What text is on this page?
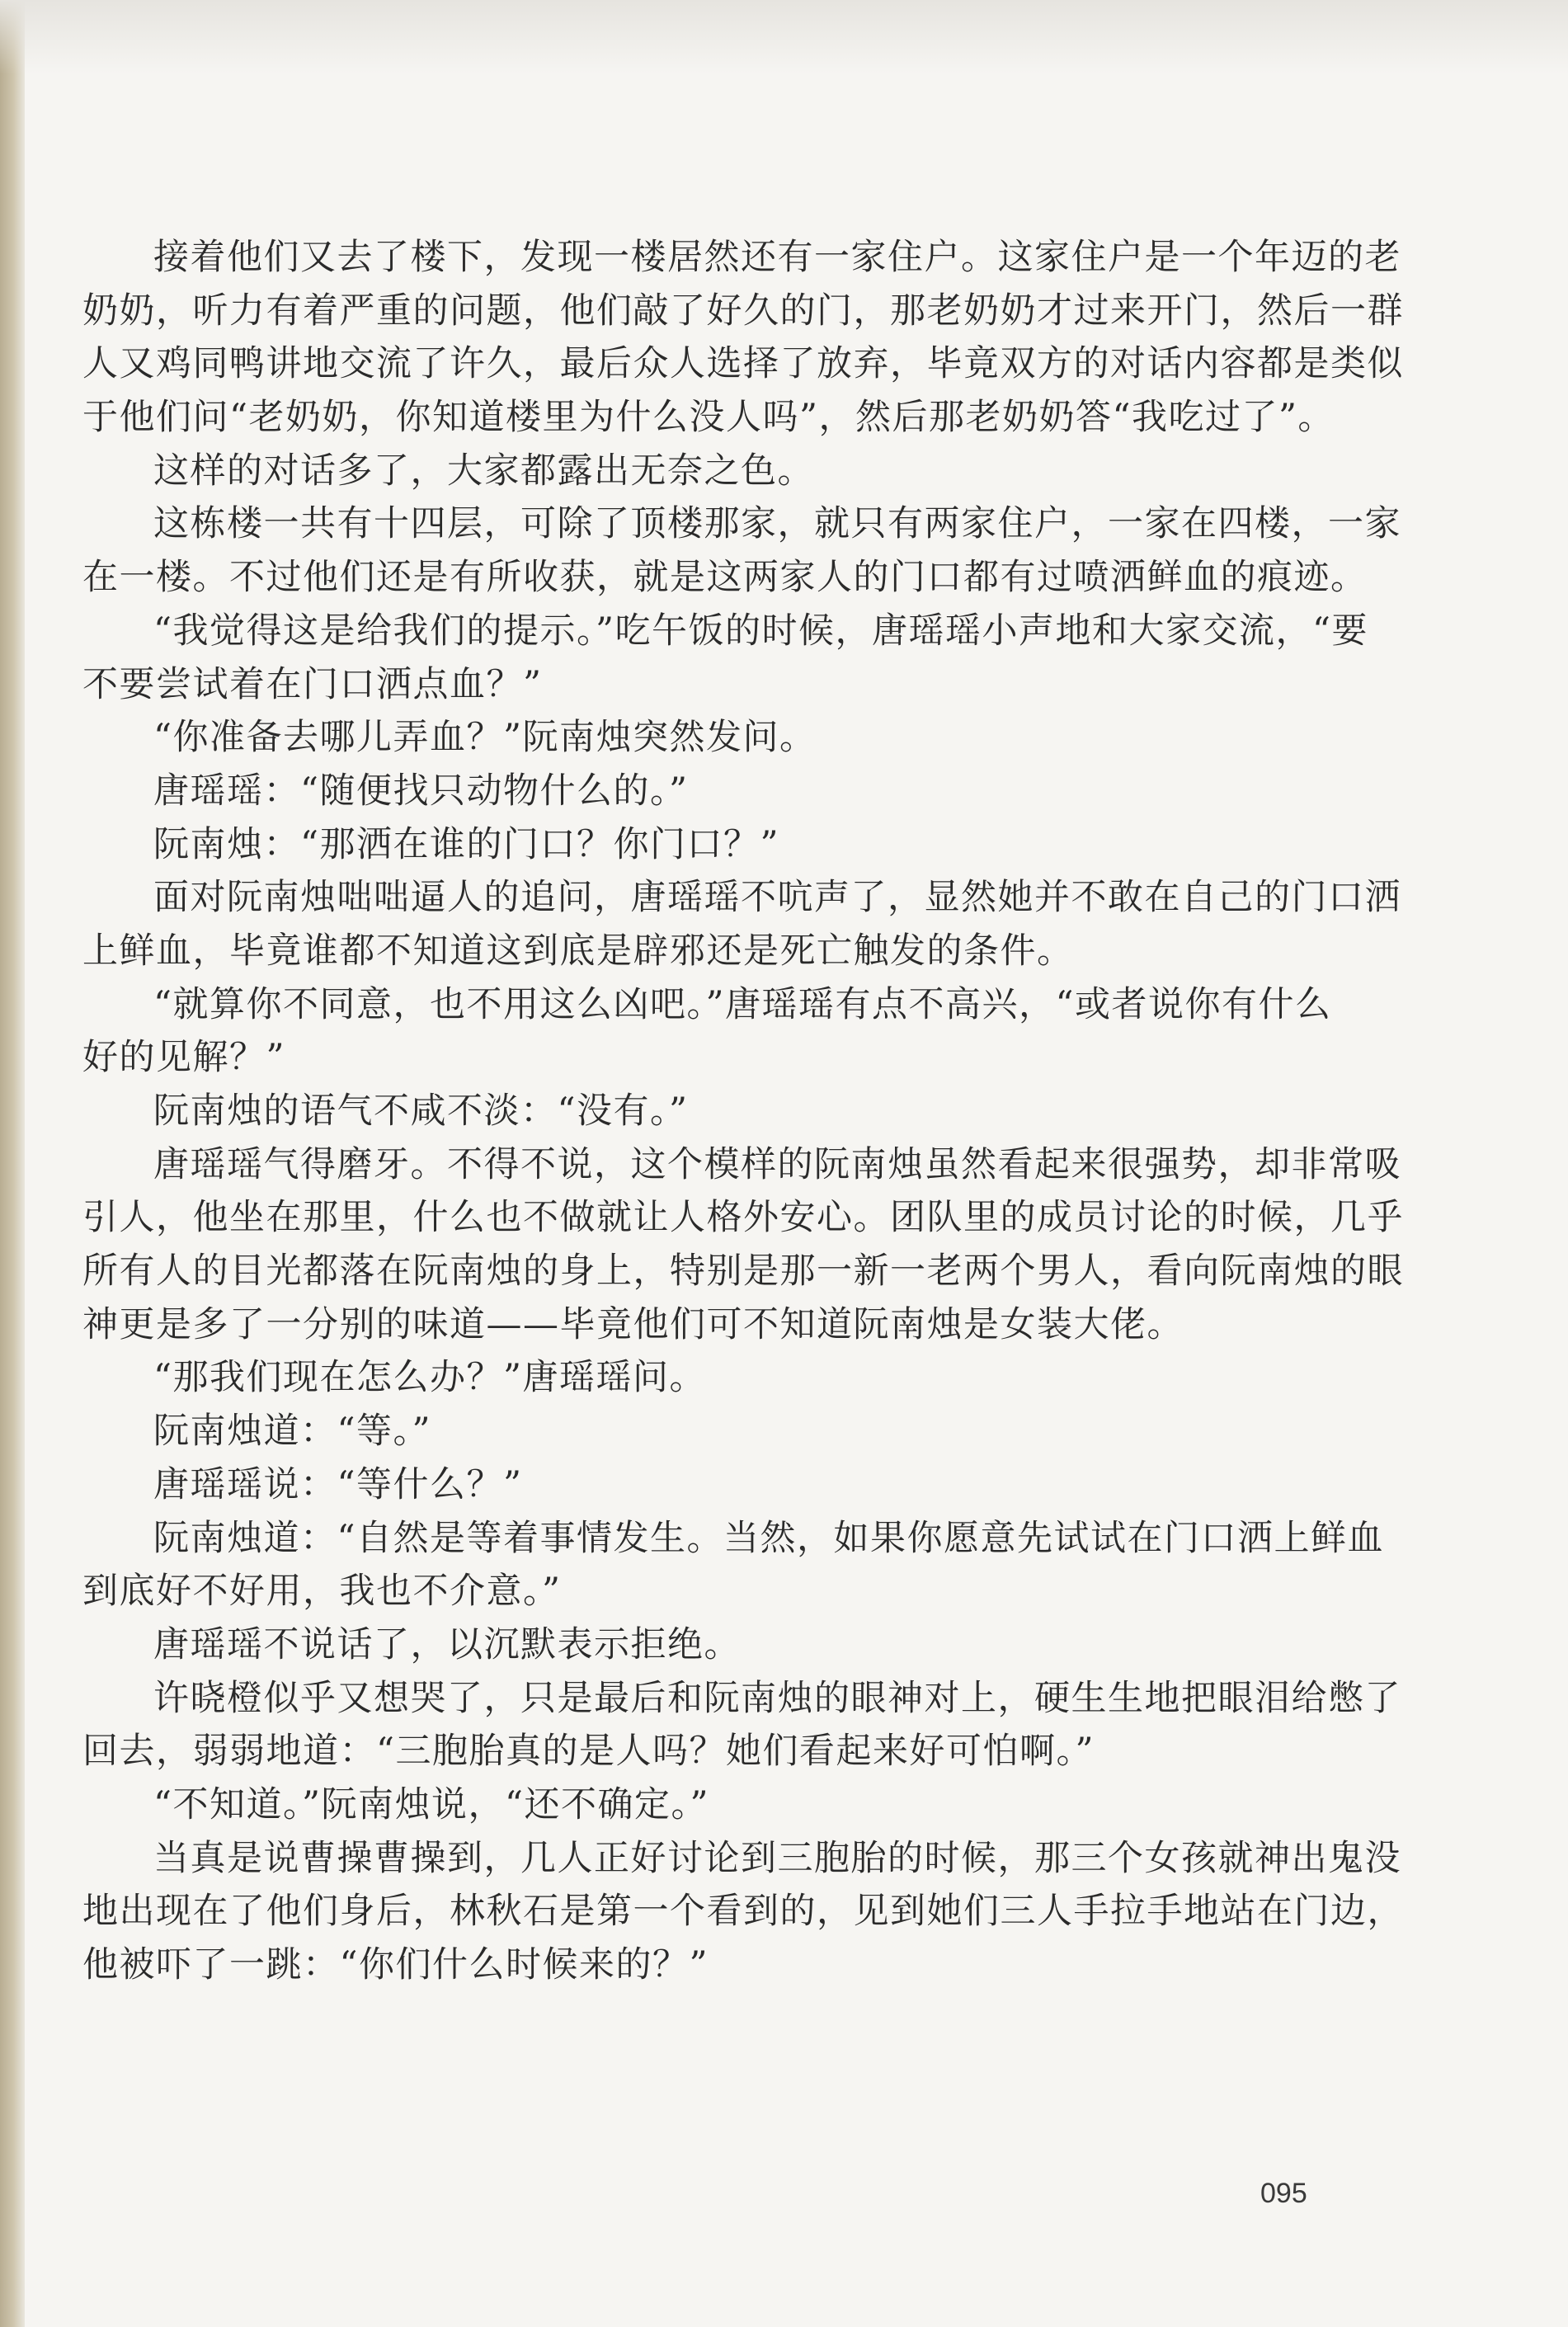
接着他们又去了楼下，发现一楼居然还有一家住户。这家住户是一个年迈的老
奶奶，听力有着严重的问题，他们敲了好久的门，那老奶奶才过来开门，然后一群
人又鸡同鸭讲地交流了许久，最后众人选择了放弃，毕竟双方的对话内容都是类似
于他们问“老奶奶，你知道楼里为什么没人吗”，然后那老奶奶答“我吃过了”。
这样的对话多了，大家都露出无奈之色。
这栋楼一共有十四层，可除了顶楼那家，就只有两家住户，一家在四楼，一家
在一楼。不过他们还是有所收获，就是这两家人的门口都有过喷洒鲜血的痕迹。
“我觉得这是给我们的提示。”吃午饭的时候，唐瑶瑶小声地和大家交流，“要
不要尝试着在门口洒点血？”
“你准备去哪儿弄血？”阮南烛突然发问。
唐瑶瑶：“随便找只动物什么的。”
阮南烛：“那洒在谁的门口？你门口？”
面对阮南烛咄咄逼人的追问，唐瑶瑶不吭声了，显然她并不敢在自己的门口洒
上鲜血，毕竟谁都不知道这到底是辟邪还是死亡触发的条件。
“就算你不同意，也不用这么凶吧。”唐瑶瑶有点不高兴，“或者说你有什么
好的见解？”
阮南烛的语气不咸不淡：“没有。”
唐瑶瑶气得磨牙。不得不说，这个模样的阮南烛虽然看起来很强势，却非常吸
引人，他坐在那里，什么也不做就让人格外安心。团队里的成员讨论的时候，几乎
所有人的目光都落在阮南烛的身上，特别是那一新一老两个男人，看向阮南烛的眼
神更是多了一分别的味道——毕竟他们可不知道阮南烛是女装大佬。
“那我们现在怎么办？”唐瑶瑶问。
阮南烛道：“等。”
唐瑶瑶说：“等什么？”
阮南烛道：“自然是等着事情发生。当然，如果你愿意先试试在门口洒上鲜血
到底好不好用，我也不介意。”
唐瑶瑶不说话了，以沉默表示拒绝。
许晓橙似乎又想哭了，只是最后和阮南烛的眼神对上，硬生生地把眼泪给憋了
回去，弱弱地道：“三胞胎真的是人吗？她们看起来好可怕啊。”
“不知道。”阮南烛说，“还不确定。”
当真是说曹操曹操到，几人正好讨论到三胞胎的时候，那三个女孩就神出鬼没
地出现在了他们身后，林秋石是第一个看到的，见到她们三人手拉手地站在门边，
他被吓了一跳：“你们什么时候来的？”
095
